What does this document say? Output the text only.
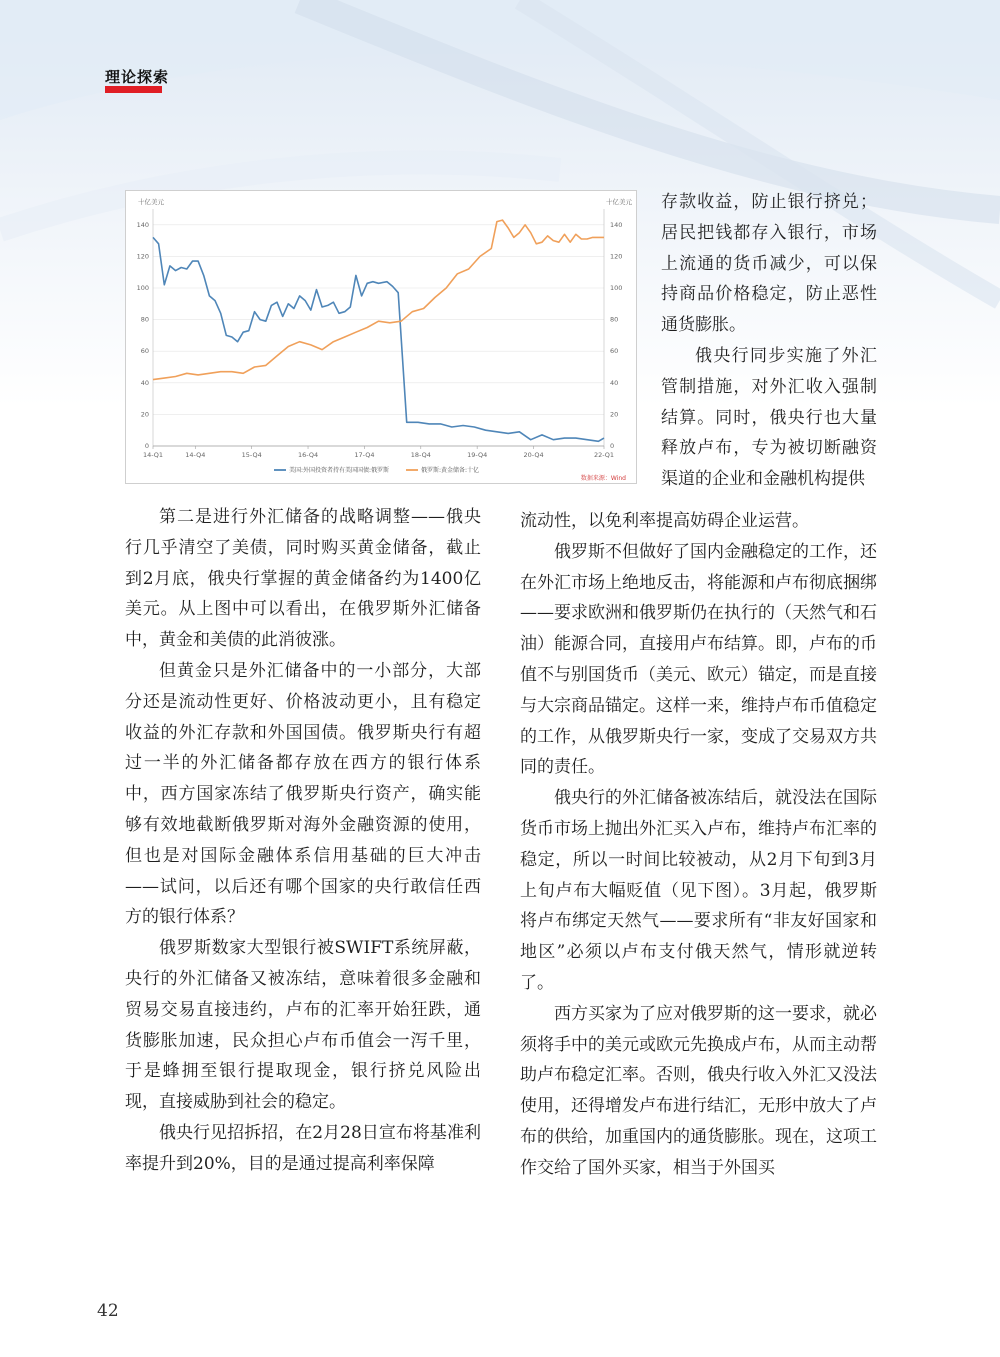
理论探索
十亿美元	十亿美元
140	140
120	120
100	100
80	80
60	60
40	40
20	20
0	0
14-Q1	14-Q4	15-Q4	16-Q4	17-Q4	18-Q4	19-Q4	20-Q4	22-Q1
美国:外国投资者持有美国国债:俄罗斯	俄罗斯:黄金储备:十亿
数据来源：Wind

第二是进行外汇储备的战略调整——俄央行几乎清空了美债，同时购买黄金储备，截止到2月底，俄央行掌握的黄金储备约为1400亿美元。从上图中可以看出，在俄罗斯外汇储备中，黄金和美债的此消彼涨。

但黄金只是外汇储备中的一小部分，大部分还是流动性更好、价格波动更小，且有稳定收益的外汇存款和外国国债。俄罗斯央行有超过一半的外汇储备都存放在西方的银行体系中，西方国家冻结了俄罗斯央行资产，确实能够有效地截断俄罗斯对海外金融资源的使用，但也是对国际金融体系信用基础的巨大冲击——试问，以后还有哪个国家的央行敢信任西方的银行体系？

俄罗斯数家大型银行被SWIFT系统屏蔽，央行的外汇储备又被冻结，意味着很多金融和贸易交易直接违约，卢布的汇率开始狂跌，通货膨胀加速，民众担心卢布币值会一泻千里，于是蜂拥至银行提取现金，银行挤兑风险出现，直接威胁到社会的稳定。

俄央行见招拆招，在2月28日宣布将基准利率提升到20%，目的是通过提高利率保障

存款收益，防止银行挤兑；居民把钱都存入银行，市场上流通的货币减少，可以保持商品价格稳定，防止恶性通货膨胀。

俄央行同步实施了外汇管制措施，对外汇收入强制结算。同时，俄央行也大量释放卢布，专为被切断融资渠道的企业和金融机构提供

流动性，以免利率提高妨碍企业运营。

俄罗斯不但做好了国内金融稳定的工作，还在外汇市场上绝地反击，将能源和卢布彻底捆绑——要求欧洲和俄罗斯仍在执行的（天然气和石油）能源合同，直接用卢布结算。即，卢布的币值不与别国货币（美元、欧元）锚定，而是直接与大宗商品锚定。这样一来，维持卢布币值稳定的工作，从俄罗斯央行一家，变成了交易双方共同的责任。

俄央行的外汇储备被冻结后，就没法在国际货币市场上抛出外汇买入卢布，维持卢布汇率的稳定，所以一时间比较被动，从2月下旬到3月上旬卢布大幅贬值（见下图）。3月起，俄罗斯将卢布绑定天然气——要求所有“非友好国家和地区”必须以卢布支付俄天然气，情形就逆转了。

西方买家为了应对俄罗斯的这一要求，就必须将手中的美元或欧元先换成卢布，从而主动帮助卢布稳定汇率。否则，俄央行收入外汇又没法使用，还得增发卢布进行结汇，无形中放大了卢布的供给，加重国内的通货膨胀。现在，这项工作交给了国外买家，相当于外国买

42
